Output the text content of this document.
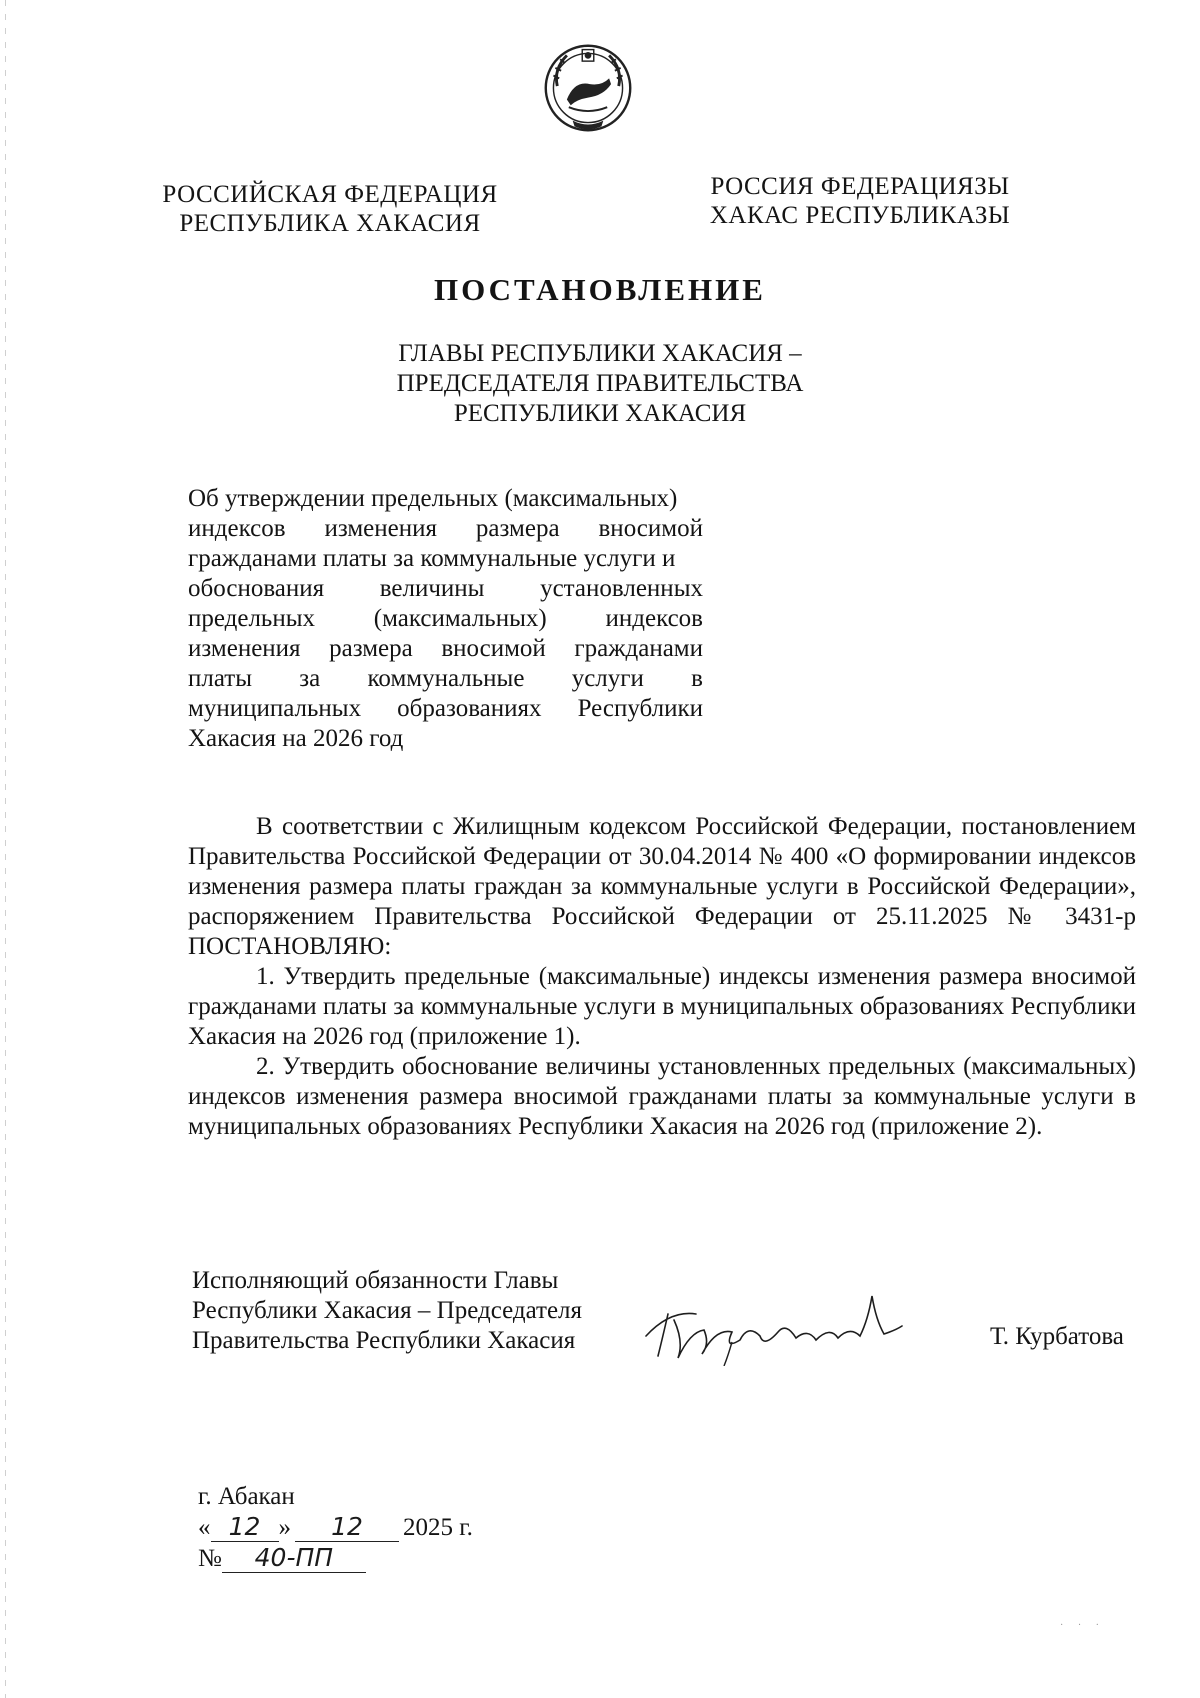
РОССИЙСКАЯ ФЕДЕРАЦИЯ
РЕСПУБЛИКА ХАКАСИЯ
РОССИЯ ФЕДЕРАЦИЯЗЫ
ХАКАС РЕСПУБЛИКАЗЫ
ПОСТАНОВЛЕНИЕ
ГЛАВЫ РЕСПУБЛИКИ ХАКАСИЯ –
ПРЕДСЕДАТЕЛЯ ПРАВИТЕЛЬСТВА
РЕСПУБЛИКИ ХАКАСИЯ
Об утверждении предельных (максимальных)
индексов изменения размера вносимой
гражданами платы за коммунальные услуги и
обоснования величины установленных
предельных (максимальных) индексов
изменения размера вносимой гражданами
платы за коммунальные услуги в
муниципальных образованиях Республики
Хакасия на 2026 год

В соответствии с Жилищным кодексом Российской Федерации, постановлением Правительства Российской Федерации от 30.04.2014 № 400 «О формировании индексов изменения размера платы граждан за коммунальные услуги в Российской Федерации», распоряжением Правительства Российской Федерации от 25.11.2025 № 3431-р ПОСТАНОВЛЯЮ:

1. Утвердить предельные (максимальные) индексы изменения размера вносимой гражданами платы за коммунальные услуги в муниципальных образованиях Республики Хакасия на 2026 год (приложение 1).

2. Утвердить обоснование величины установленных предельных (максимальных) индексов изменения размера вносимой гражданами платы за коммунальные услуги в муниципальных образованиях Республики Хакасия на 2026 год (приложение 2).

Исполняющий обязанности Главы
Республики Хакасия – Председателя
Правительства Республики Хакасия	Т. Курбатова
г. Абакан
« 12 » 12 2025 г.
№ 40-ПП
· · ·
